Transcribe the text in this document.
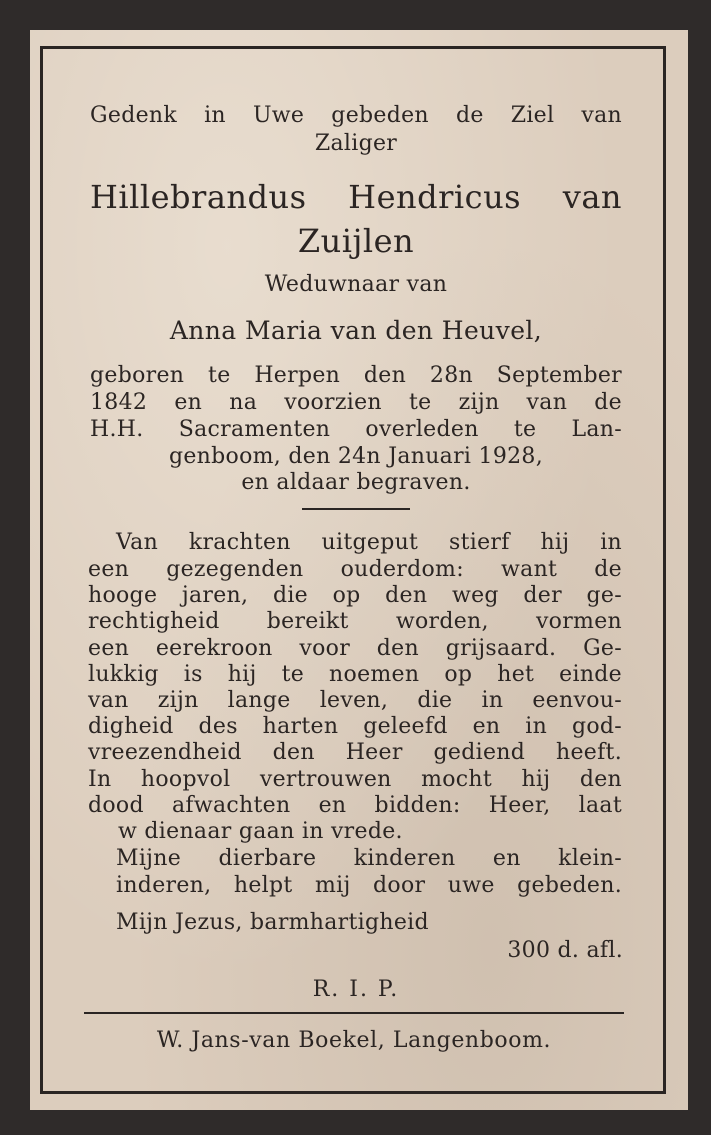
Gedenk in Uwe gebeden de Ziel van

Zaliger

Hillebrandus Hendricus van

Zuijlen

Weduwnaar van

Anna Maria van den Heuvel,

geboren te Herpen den 28n September

1842 en na voorzien te zijn van de

H.H. Sacramenten overleden te Lan-

genboom, den 24n Januari 1928,

en aldaar begraven.

Van krachten uitgeput stierf hij in

een gezegenden ouderdom: want de

hooge jaren, die op den weg der ge-

rechtigheid bereikt worden, vormen

een eerekroon voor den grijsaard. Ge-

lukkig is hij te noemen op het einde

van zijn lange leven, die in eenvou-

digheid des harten geleefd en in god-

vreezendheid den Heer gediend heeft.

In hoopvol vertrouwen mocht hij den

dood afwachten en bidden: Heer, laat

w dienaar gaan in vrede.

Mijne dierbare kinderen en klein-

inderen, helpt mij door uwe gebeden.

Mijn Jezus, barmhartigheid

300 d. afl.

R. I. P.

W. Jans-van Boekel, Langenboom.
